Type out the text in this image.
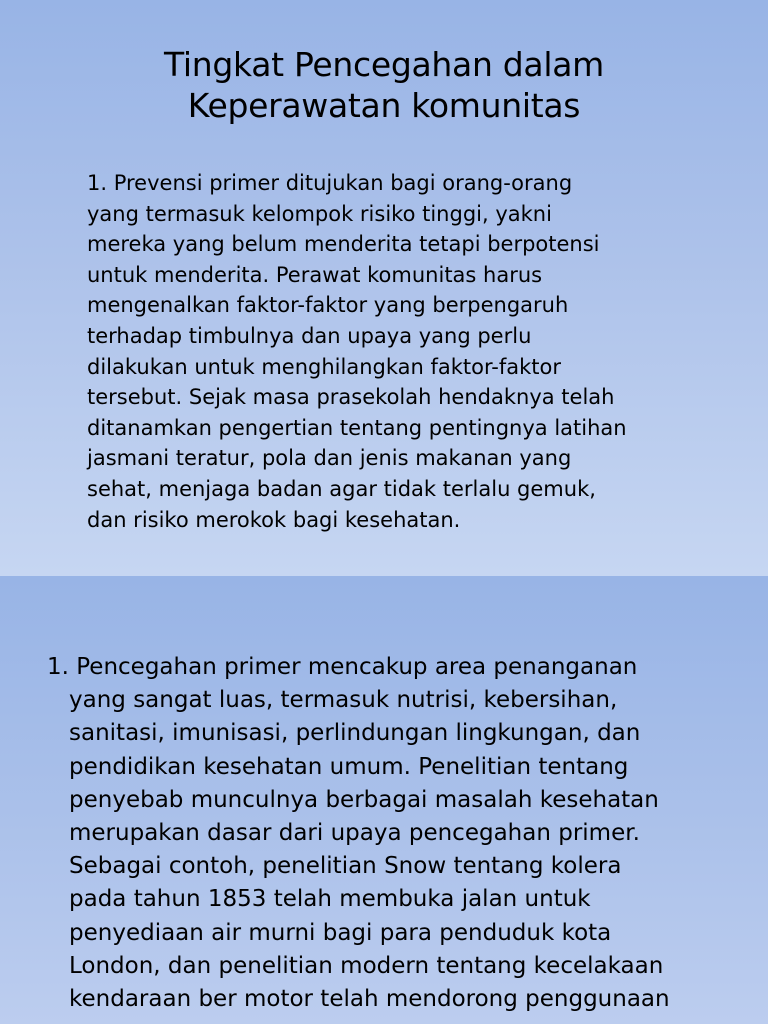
Tingkat Pencegahan dalam
Keperawatan komunitas

1. Prevensi primer ditujukan bagi orang-orang
yang termasuk kelompok risiko tinggi, yakni
mereka yang belum menderita tetapi berpotensi
untuk menderita. Perawat komunitas harus
mengenalkan faktor-faktor yang berpengaruh
terhadap timbulnya dan upaya yang perlu
dilakukan untuk menghilangkan faktor-faktor
tersebut. Sejak masa prasekolah hendaknya telah
ditanamkan pengertian tentang pentingnya latihan
jasmani teratur, pola dan jenis makanan yang
sehat, menjaga badan agar tidak terlalu gemuk,
dan risiko merokok bagi kesehatan.

1. Pencegahan primer mencakup area penanganan
yang sangat luas, termasuk nutrisi, kebersihan,
sanitasi, imunisasi, perlindungan lingkungan, dan
pendidikan kesehatan umum. Penelitian tentang
penyebab munculnya berbagai masalah kesehatan
merupakan dasar dari upaya pencegahan primer.
Sebagai contoh, penelitian Snow tentang kolera
pada tahun 1853 telah membuka jalan untuk
penyediaan air murni bagi para penduduk kota
London, dan penelitian modern tentang kecelakaan
kendaraan ber motor telah mendorong penggunaan
